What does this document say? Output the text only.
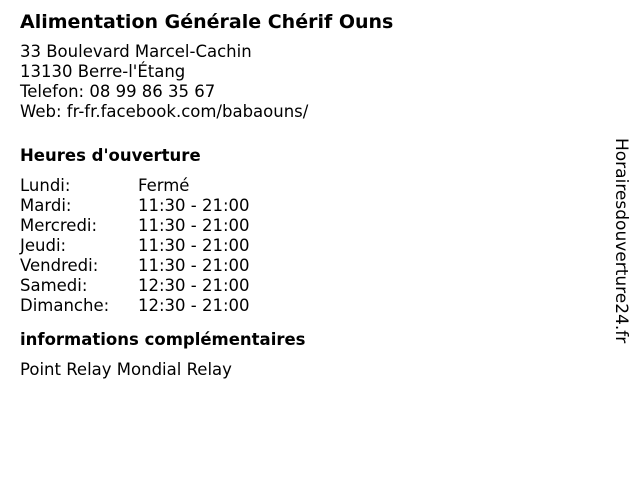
Alimentation Générale Chérif Ouns
33 Boulevard Marcel-Cachin
13130 Berre-l'Étang
Telefon: 08 99 86 35 67
Web: fr-fr.facebook.com/babaouns/
Heures d'ouverture
Lundi:	Fermé
Mardi:	11:30 - 21:00
Mercredi:	11:30 - 21:00
Jeudi:	11:30 - 21:00
Vendredi:	11:30 - 21:00
Samedi:	12:30 - 21:00
Dimanche:	12:30 - 21:00
informations complémentaires
Point Relay Mondial Relay
Horairesdouverture24.fr
